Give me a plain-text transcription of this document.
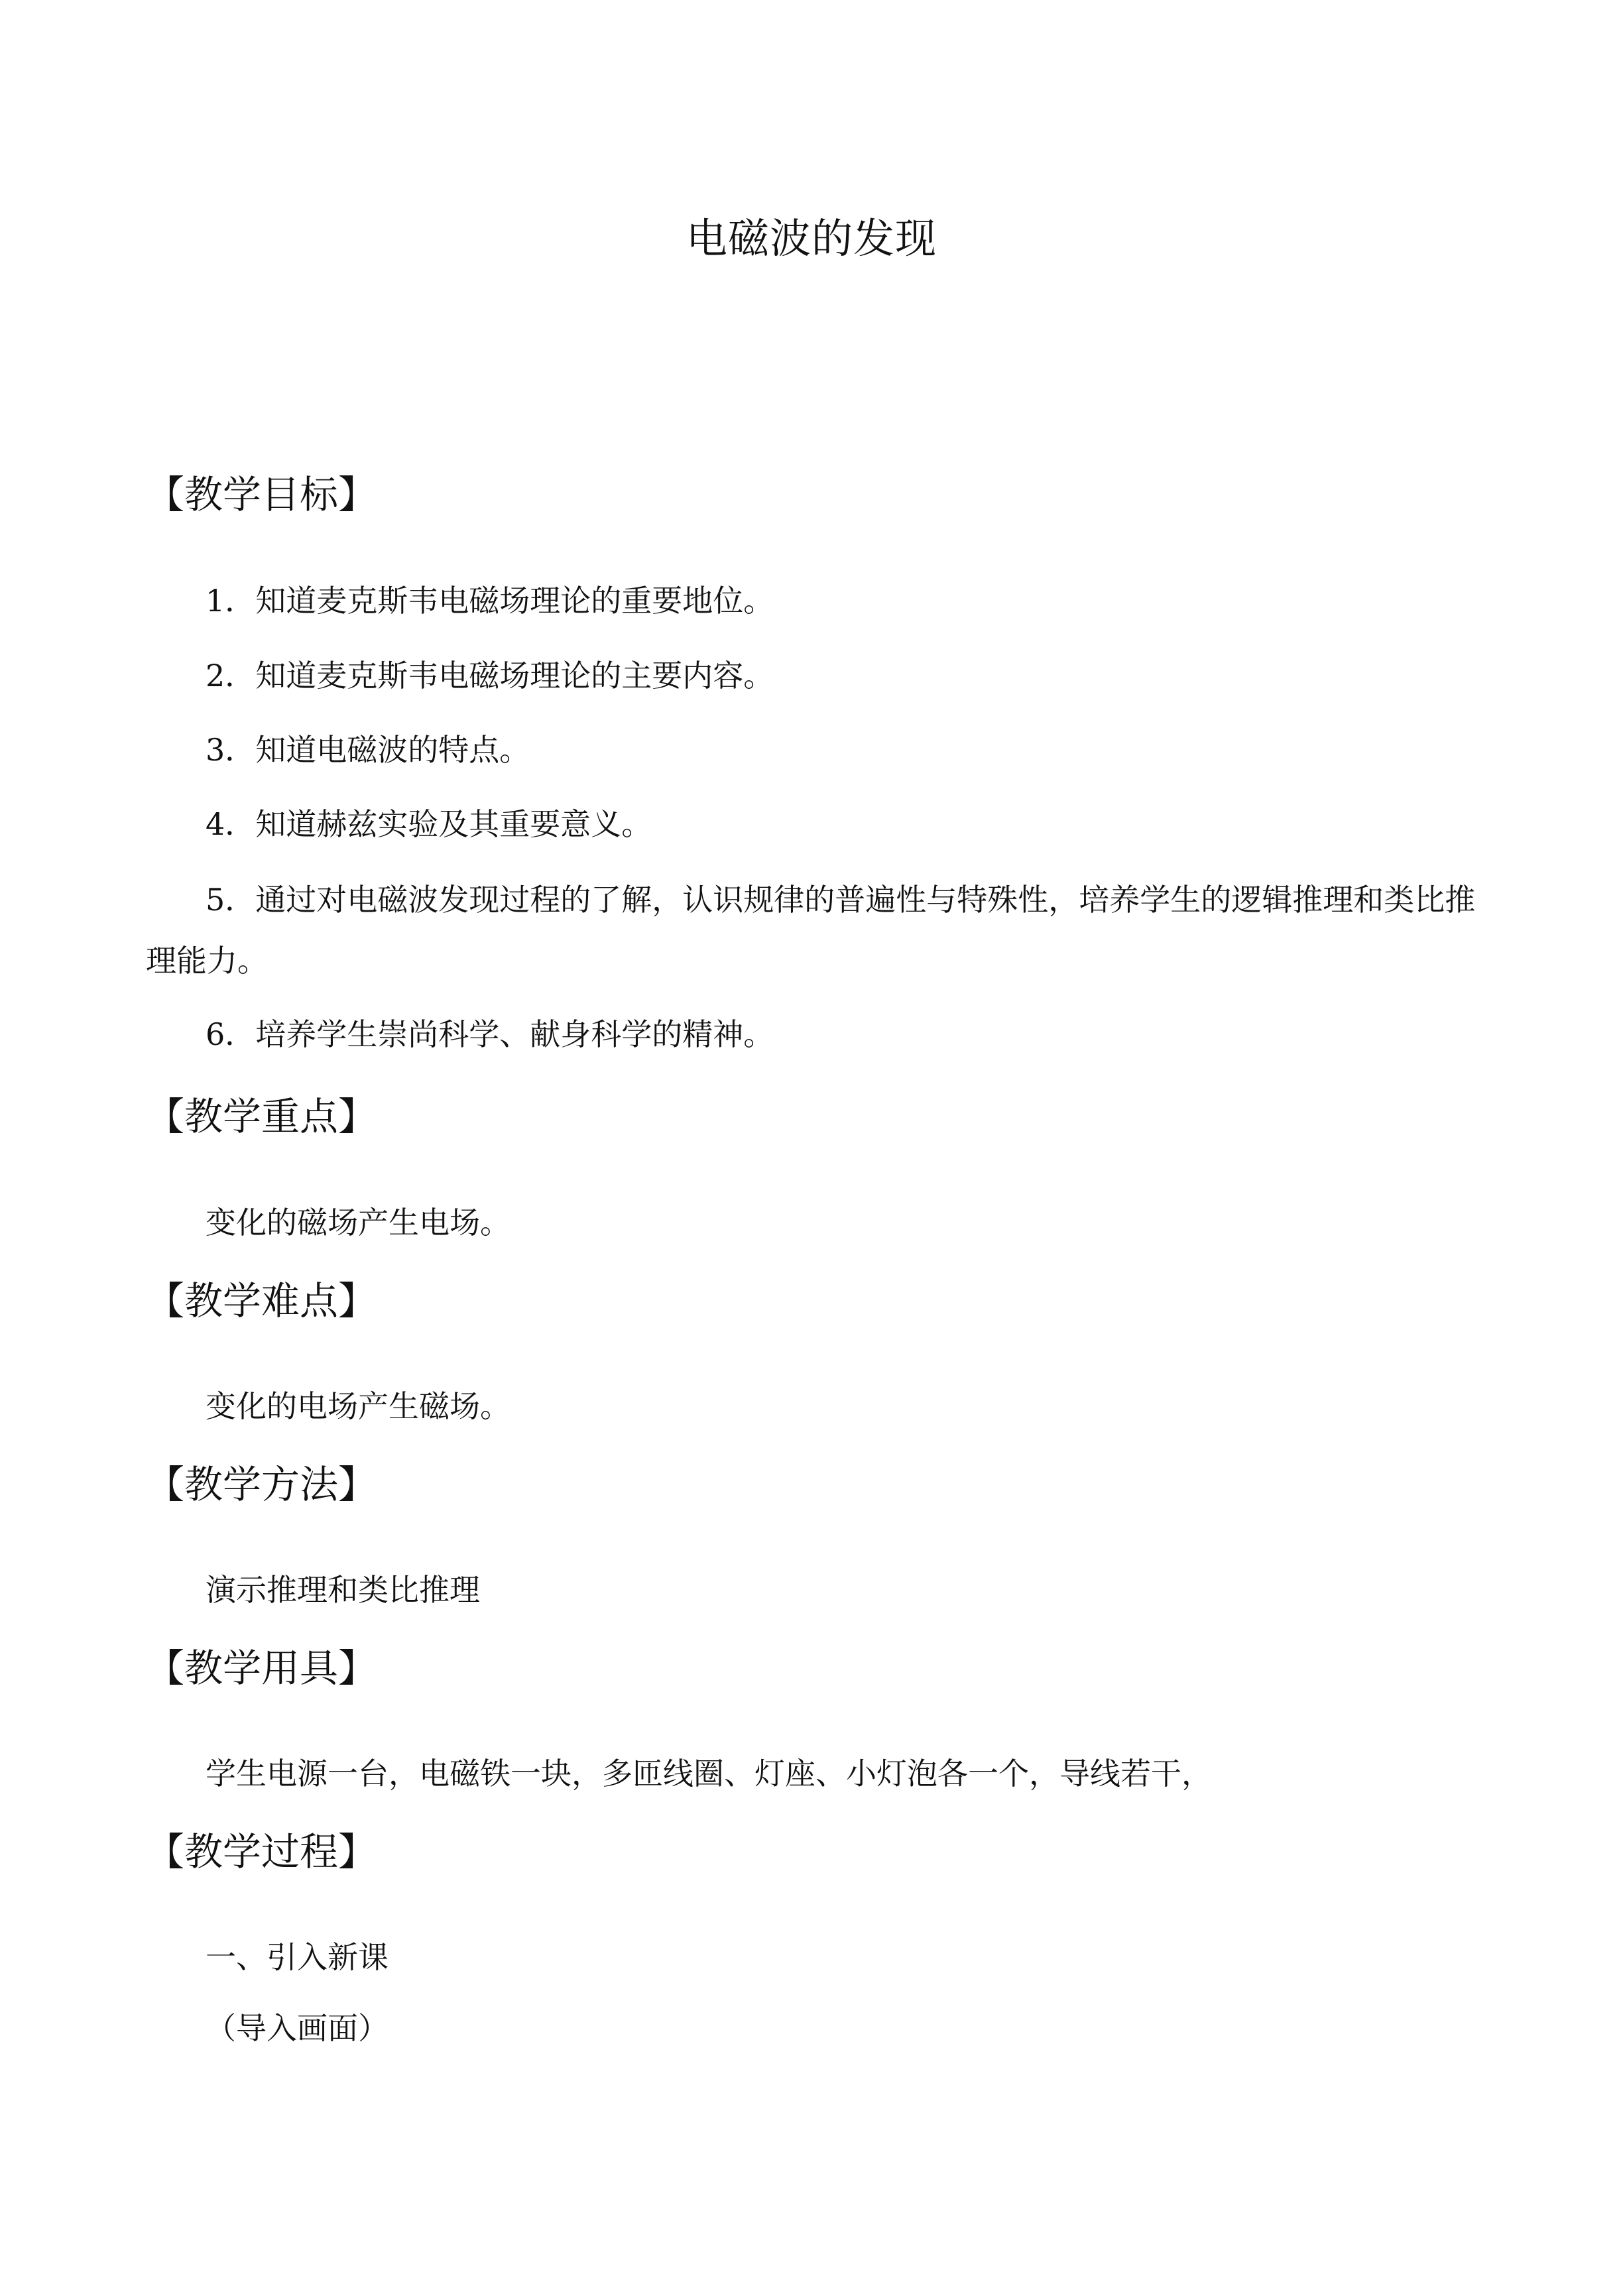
电磁波的发现
【教学目标】
1．知道麦克斯韦电磁场理论的重要地位。
2．知道麦克斯韦电磁场理论的主要内容。
3．知道电磁波的特点。
4．知道赫兹实验及其重要意义。
5．通过对电磁波发现过程的了解，认识规律的普遍性与特殊性，培养学生的逻辑推理和类比推理能力。
6．培养学生崇尚科学、献身科学的精神。
【教学重点】
变化的磁场产生电场。
【教学难点】
变化的电场产生磁场。
【教学方法】
演示推理和类比推理
【教学用具】
学生电源一台，电磁铁一块，多匝线圈、灯座、小灯泡各一个，导线若干，
【教学过程】
一、引入新课
（导入画面）
